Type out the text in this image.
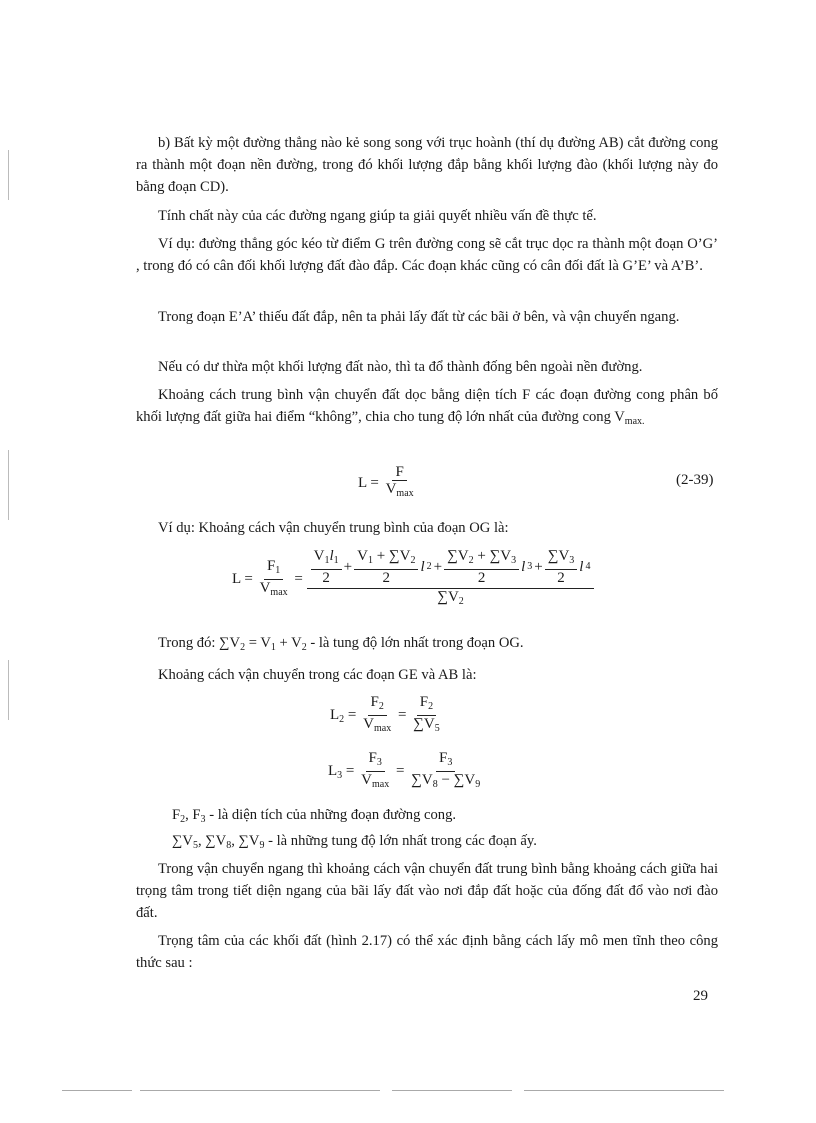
b) Bất kỳ một đường thẳng nào kẻ song song với trục hoành (thí dụ đường AB) cắt đường cong ra thành một đoạn nền đường, trong đó khối lượng đắp bằng khối lượng đào (khối lượng này đo bằng đoạn CD).

Tính chất này của các đường ngang giúp ta giải quyết nhiều vấn đề thực tế.

Ví dụ: đường thẳng góc kéo từ điểm G trên đường cong sẽ cắt trục dọc ra thành một đoạn O’G’ , trong đó có cân đối khối lượng đất đào đắp. Các đoạn khác cũng có cân đối đất là G’E’ và A’B’.

Trong đoạn E’A’ thiếu đất đắp, nên ta phải lấy đất từ các bãi ở bên, và vận chuyển ngang.

Nếu có dư thừa một khối lượng đất nào, thì ta đổ thành đống bên ngoài nền đường.

Khoảng cách trung bình vận chuyển đất dọc bằng diện tích F các đoạn đường cong phân bố khối lượng đất giữa hai điểm “không”, chia cho tung độ lớn nhất của đường cong $V_{max.}$

$L = \frac{F}{V_{max}}$	(2-39)

Ví dụ: Khoảng cách vận chuyển trung bình của đoạn OG là:

$L = \frac{F_1}{V_{max}} = \frac{V_1l_1}{2} + \frac{V_1 + \sum V_2}{2}$ l $2 + \frac{\sum V_2 + \sum V_3}{2}$ l $3 + \frac{\sum V_3}{2}$ l 4
$\sum V_2$

Trong đó: $\sum V_2 = V_1 + V_2$ - là tung độ lớn nhất trong đoạn OG.

Khoảng cách vận chuyển trong các đoạn GE và AB là:

$L_2 = \frac{F_2}{V_{max}} = \frac{F_2}{\sum V_5}$
$L_3 = \frac{F_3}{V_{max}} = \frac{F_3}{\sum V_8 - \sum V_9}$

$F_2$, $F_3$ - là diện tích của những đoạn đường cong.

$\sum V_5$, $\sum V_8$, $\sum V_9$ - là những tung độ lớn nhất trong các đoạn ấy.

Trong vận chuyển ngang thì khoảng cách vận chuyển đất trung bình bằng khoảng cách giữa hai trọng tâm trong tiết diện ngang của bãi lấy đất vào nơi đắp đất hoặc của đống đất đổ vào nơi đào đất.

Trọng tâm của các khối đất (hình 2.17) có thể xác định bằng cách lấy mô men tĩnh theo công thức sau :

29
